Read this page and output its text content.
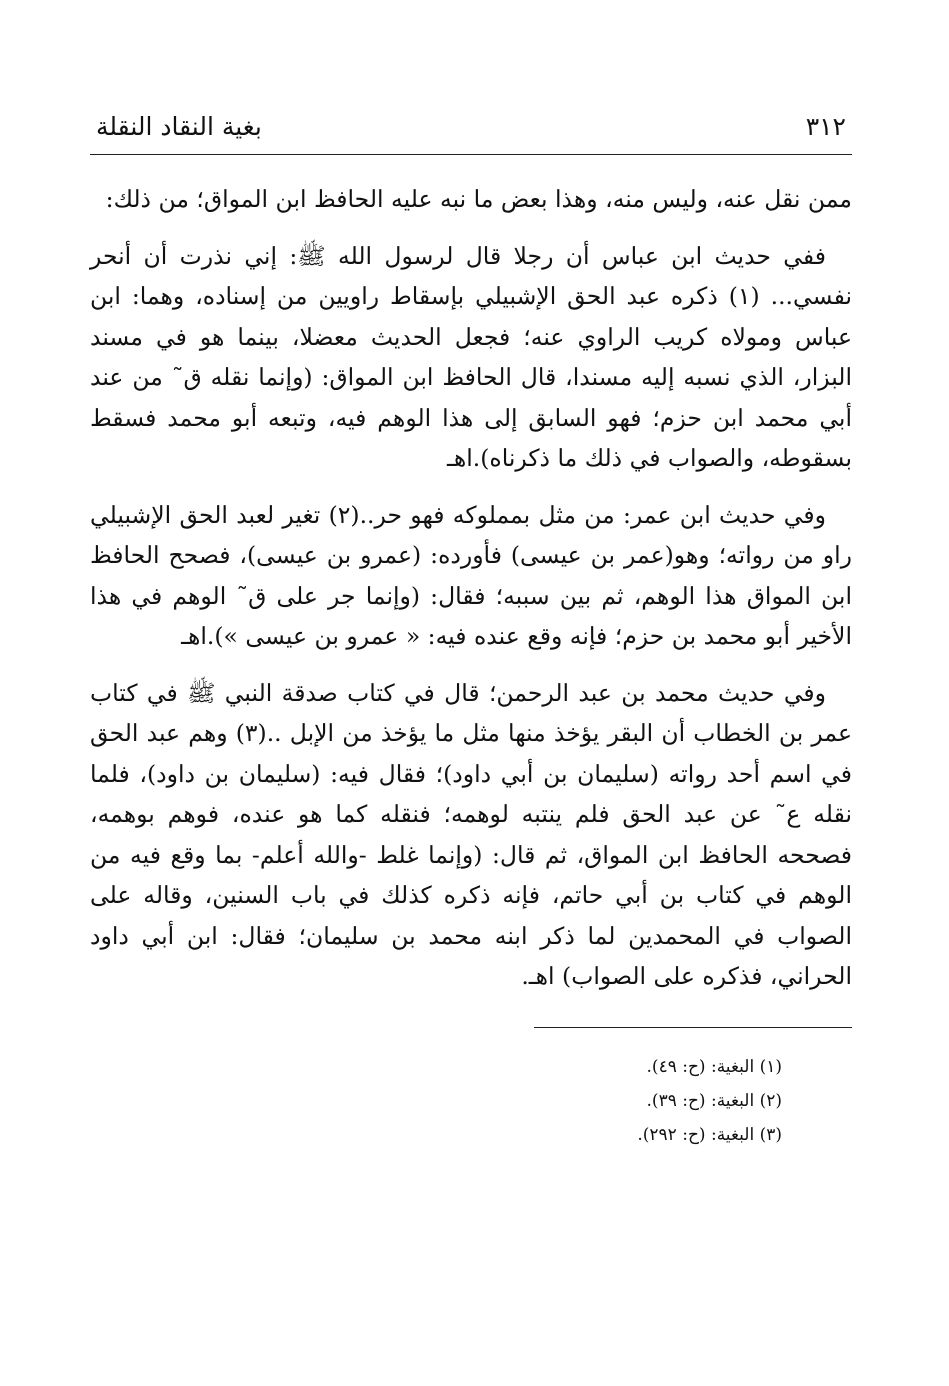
٣١٢
بغية النقاد النقلة

ممن نقل عنه، وليس منه، وهذا بعض ما نبه عليه الحافظ ابن المواق؛ من ذلك:

ففي حديث ابن عباس أن رجلا قال لرسول الله ﷺ: إني نذرت أن أنحر نفسي... (١) ذكره عبد الحق الإشبيلي بإسقاط راويين من إسناده، وهما: ابن عباس ومولاه كريب الراوي عنه؛ فجعل الحديث معضلا، بينما هو في مسند البزار، الذي نسبه إليه مسندا، قال الحافظ ابن المواق: (وإنما نقله ق˜ من عند أبي محمد ابن حزم؛ فهو السابق إلى هذا الوهم فيه، وتبعه أبو محمد فسقط بسقوطه، والصواب في ذلك ما ذكرناه).اهـ

وفي حديث ابن عمر: من مثل بمملوكه فهو حر..(٢) تغير لعبد الحق الإشبيلي راو من رواته؛ وهو(عمر بن عيسى) فأورده: (عمرو بن عيسى)، فصحح الحافظ ابن المواق هذا الوهم، ثم بين سببه؛ فقال: (وإنما جر على ق˜ الوهم في هذا الأخير أبو محمد بن حزم؛ فإنه وقع عنده فيه: « عمرو بن عيسى »).اهـ

وفي حديث محمد بن عبد الرحمن؛ قال في كتاب صدقة النبي ﷺ في كتاب عمر بن الخطاب أن البقر يؤخذ منها مثل ما يؤخذ من الإبل ..(٣) وهم عبد الحق في اسم أحد رواته (سليمان بن أبي داود)؛ فقال فيه: (سليمان بن داود)، فلما نقله ع˜ عن عبد الحق فلم ينتبه لوهمه؛ فنقله كما هو عنده، فوهم بوهمه، فصححه الحافظ ابن المواق، ثم قال: (وإنما غلط -والله أعلم- بما وقع فيه من الوهم في كتاب بن أبي حاتم، فإنه ذكره كذلك في باب السنين، وقاله على الصواب في المحمدين لما ذكر ابنه محمد بن سليمان؛ فقال: ابن أبي داود الحراني، فذكره على الصواب) اهـ.

(١) البغية: (ح: ٤٩).
(٢) البغية: (ح: ٣٩).
(٣) البغية: (ح: ٢٩٢).
